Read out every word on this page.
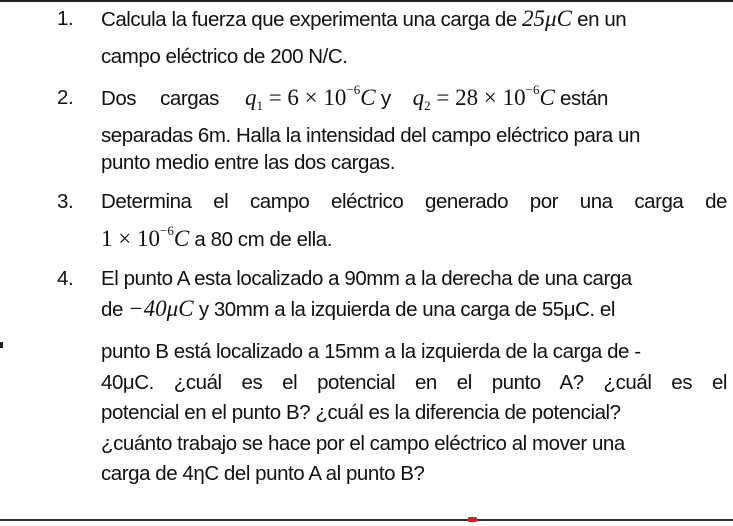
1. Calcula la fuerza que experimenta una carga de 25μC en un
campo eléctrico de 200 N/C.
2. Dos cargas $q_1 = 6 \times 10^{-6}C$ y $q_2 = 28 \times 10^{-6}C$ están
separadas 6m. Halla la intensidad del campo eléctrico para un
punto medio entre las dos cargas.
3. Determina el campo eléctrico generado por una carga de
$1 \times 10^{-6}C$ a 80 cm de ella.
4. El punto A esta localizado a 90mm a la derecha de una carga
de −40μC y 30mm a la izquierda de una carga de 55μC. el
punto B está localizado a 15mm a la izquierda de la carga de -
40μC. ¿cuál es el potencial en el punto A? ¿cuál es el
potencial en el punto B? ¿cuál es la diferencia de potencial?
¿cuánto trabajo se hace por el campo eléctrico al mover una
carga de 4ηC del punto A al punto B?
